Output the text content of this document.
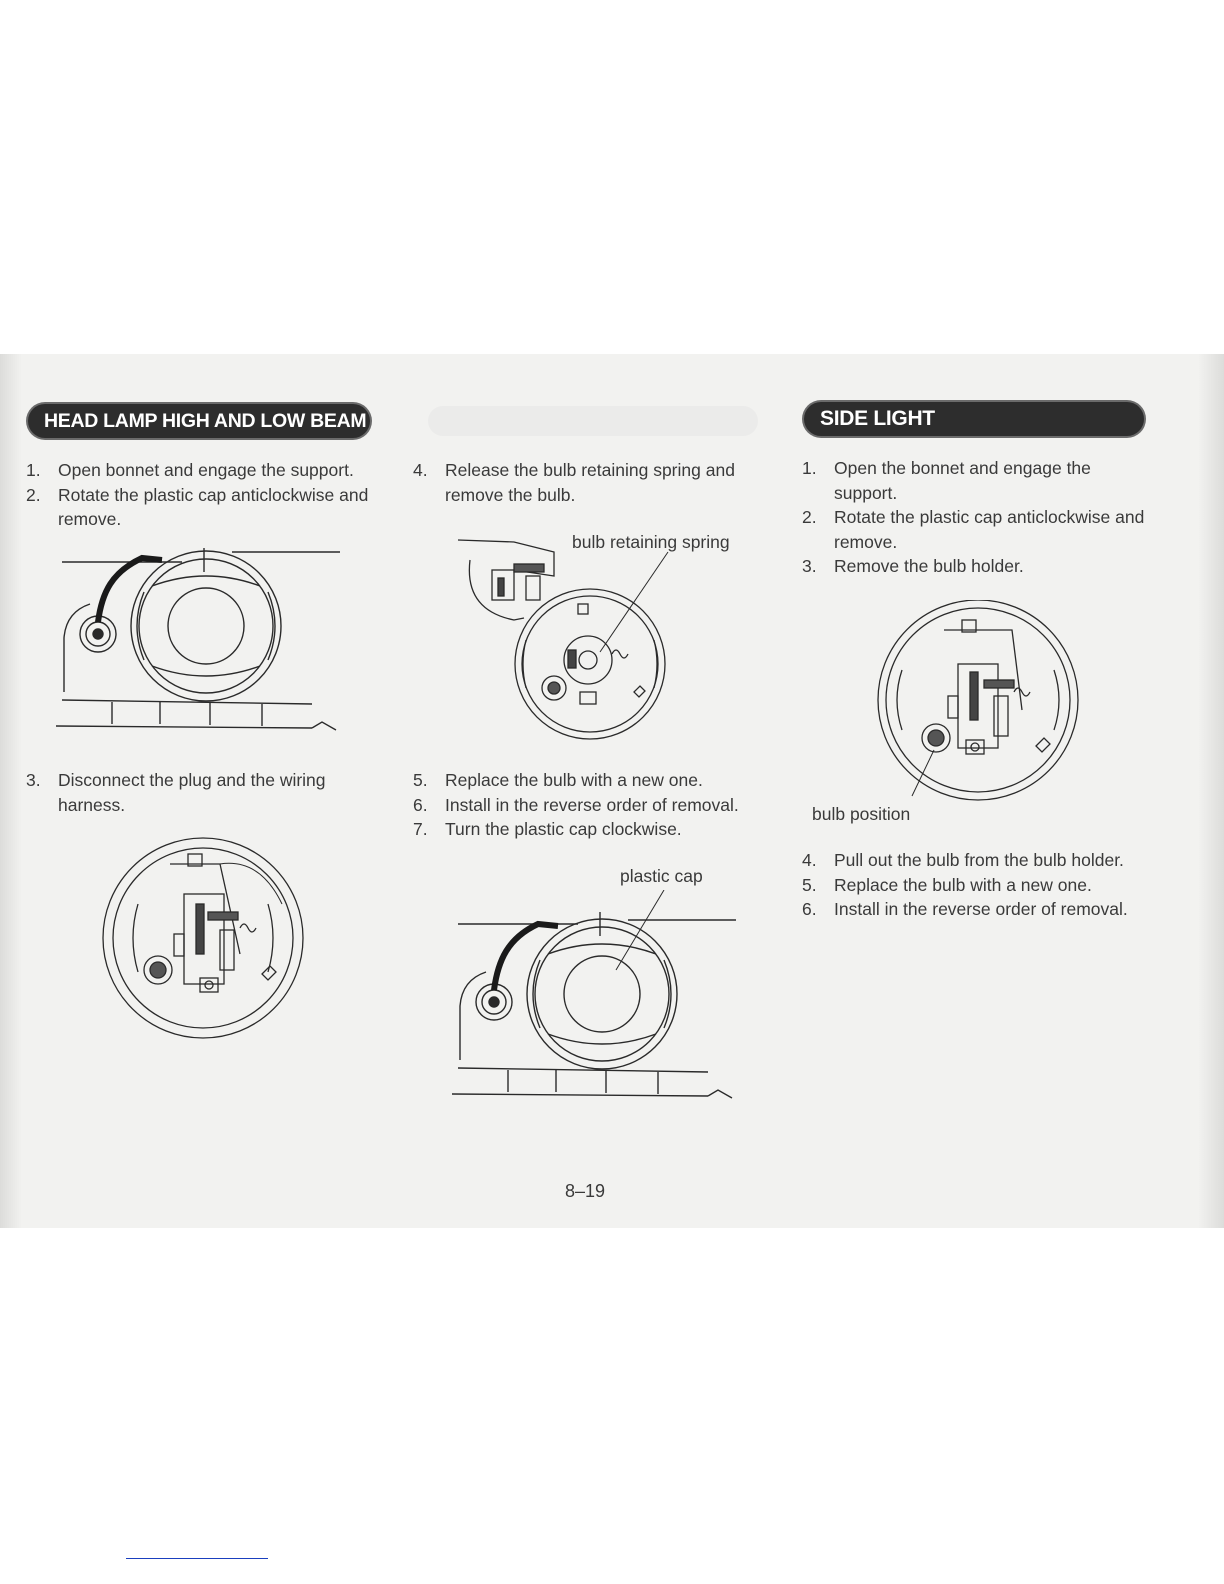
HEAD LAMP HIGH AND LOW BEAM	SIDE LIGHT
1. Open bonnet and engage the support.
2. Rotate the plastic cap anticlockwise and remove.
3. Disconnect the plug and the wiring harness.
4. Release the bulb retaining spring and remove the bulb.
bulb retaining spring
5. Replace the bulb with a new one.
6. Install in the reverse order of removal.
7. Turn the plastic cap clockwise.
plastic cap
1. Open the bonnet and engage the support.
2. Rotate the plastic cap anticlockwise and remove.
3. Remove the bulb holder.
bulb position
4. Pull out the bulb from the bulb holder.
5. Replace the bulb with a new one.
6. Install in the reverse order of removal.
8–19
